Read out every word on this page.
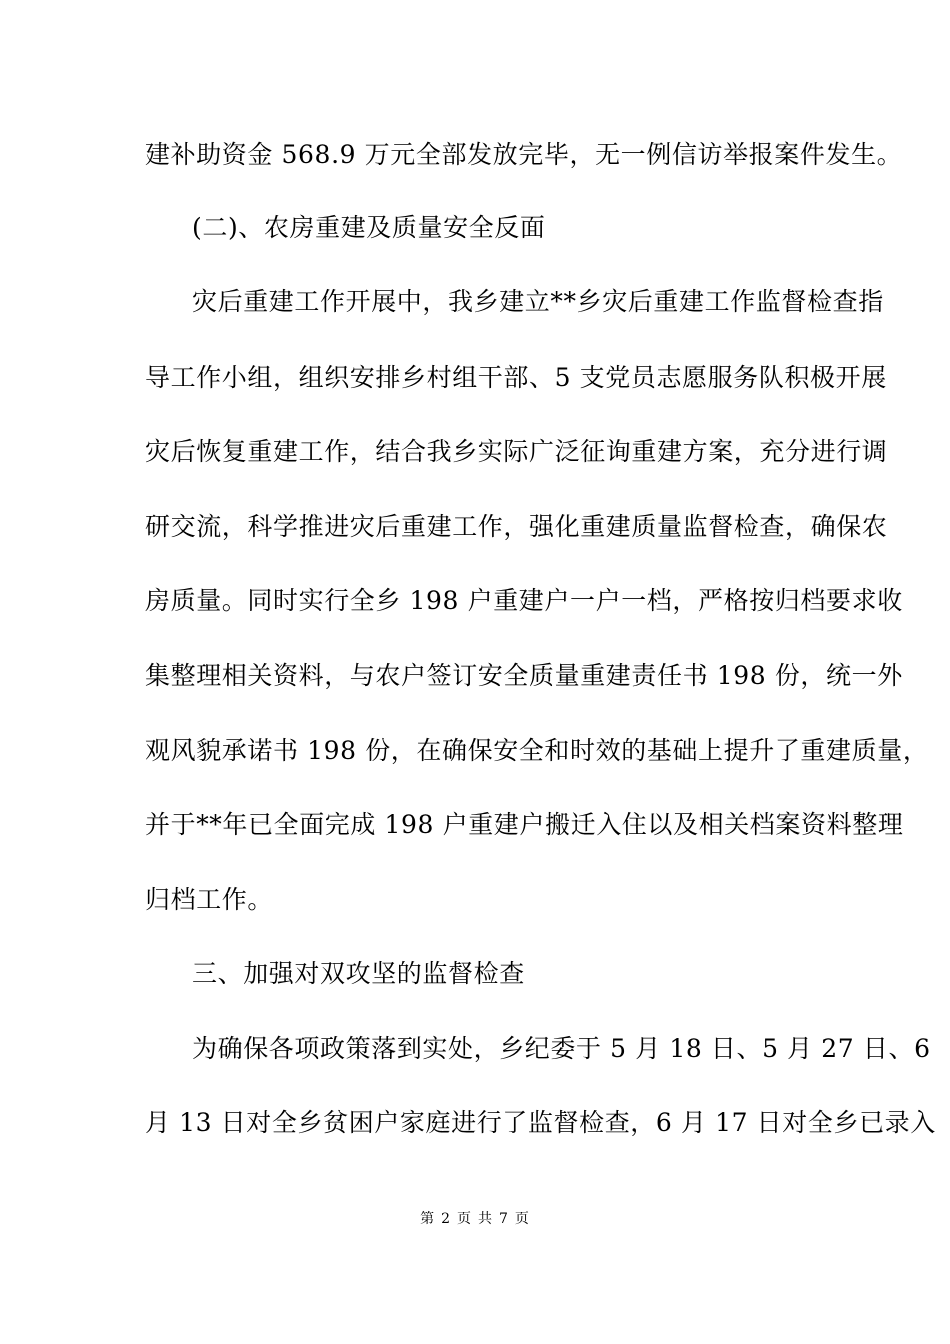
建补助资金 568.9 万元全部发放完毕，无一例信访举报案件发生。
(二)、农房重建及质量安全反面
灾后重建工作开展中，我乡建立**乡灾后重建工作监督检查指
导工作小组，组织安排乡村组干部、5 支党员志愿服务队积极开展
灾后恢复重建工作，结合我乡实际广泛征询重建方案，充分进行调
研交流，科学推进灾后重建工作，强化重建质量监督检查，确保农
房质量。同时实行全乡 198 户重建户一户一档，严格按归档要求收
集整理相关资料，与农户签订安全质量重建责任书 198 份，统一外
观风貌承诺书 198 份，在确保安全和时效的基础上提升了重建质量，
并于**年已全面完成 198 户重建户搬迁入住以及相关档案资料整理
归档工作。
三、加强对双攻坚的监督检查
为确保各项政策落到实处，乡纪委于 5 月 18 日、5 月 27 日、6
月 13 日对全乡贫困户家庭进行了监督检查，6 月 17 日对全乡已录入
第 2 页 共 7 页
